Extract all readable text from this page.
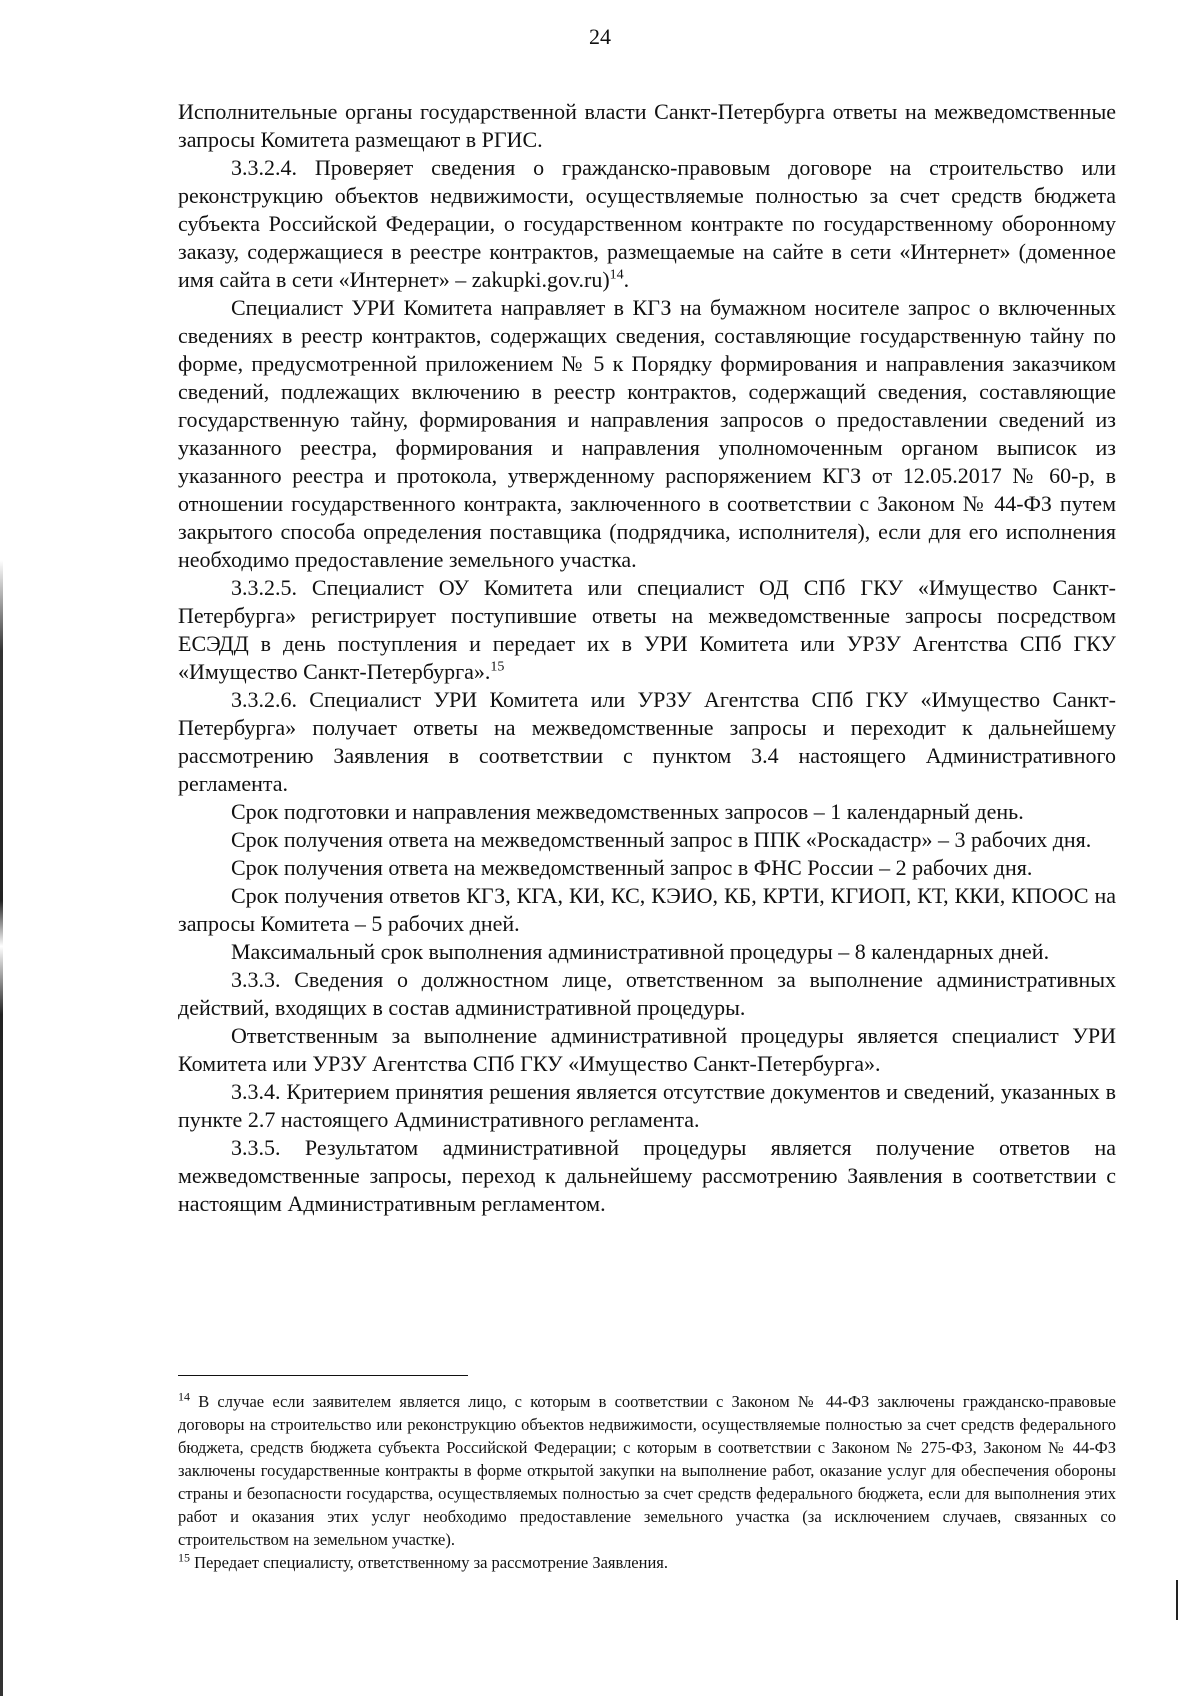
24

Исполнительные органы государственной власти Санкт-Петербурга ответы на межведомственные запросы Комитета размещают в РГИС.

3.3.2.4. Проверяет сведения о гражданско-правовым договоре на строительство или реконструкцию объектов недвижимости, осуществляемые полностью за счет средств бюджета субъекта Российской Федерации, о государственном контракте по государственному оборонному заказу, содержащиеся в реестре контрактов, размещаемые на сайте в сети «Интернет» (доменное имя сайта в сети «Интернет» – zakupki.gov.ru)$^{14}$.

Специалист УРИ Комитета направляет в КГЗ на бумажном носителе запрос о включенных сведениях в реестр контрактов, содержащих сведения, составляющие государственную тайну по форме, предусмотренной приложением № 5 к Порядку формирования и направления заказчиком сведений, подлежащих включению в реестр контрактов, содержащий сведения, составляющие государственную тайну, формирования и направления запросов о предоставлении сведений из указанного реестра, формирования и направления уполномоченным органом выписок из указанного реестра и протокола, утвержденному распоряжением КГЗ от 12.05.2017 № 60-р, в отношении государственного контракта, заключенного в соответствии с Законом № 44-ФЗ путем закрытого способа определения поставщика (подрядчика, исполнителя), если для его исполнения необходимо предоставление земельного участка.

3.3.2.5. Специалист ОУ Комитета или специалист ОД СПб ГКУ «Имущество Санкт-Петербурга» регистрирует поступившие ответы на межведомственные запросы посредством ЕСЭДД в день поступления и передает их в УРИ Комитета или УРЗУ Агентства СПб ГКУ «Имущество Санкт-Петербурга».$^{15}$

3.3.2.6. Специалист УРИ Комитета или УРЗУ Агентства СПб ГКУ «Имущество Санкт-Петербурга» получает ответы на межведомственные запросы и переходит к дальнейшему рассмотрению Заявления в соответствии с пунктом 3.4 настоящего Административного регламента.

Срок подготовки и направления межведомственных запросов – 1 календарный день.

Срок получения ответа на межведомственный запрос в ППК «Роскадастр» – 3 рабочих дня.

Срок получения ответа на межведомственный запрос в ФНС России – 2 рабочих дня.

Срок получения ответов КГЗ, КГА, КИ, КС, КЭИО, КБ, КРТИ, КГИОП, КТ, ККИ, КПООС на запросы Комитета – 5 рабочих дней.

Максимальный срок выполнения административной процедуры – 8 календарных дней.

3.3.3. Сведения о должностном лице, ответственном за выполнение административных действий, входящих в состав административной процедуры.

Ответственным за выполнение административной процедуры является специалист УРИ Комитета или УРЗУ Агентства СПб ГКУ «Имущество Санкт-Петербурга».

3.3.4. Критерием принятия решения является отсутствие документов и сведений, указанных в пункте 2.7 настоящего Административного регламента.

3.3.5. Результатом административной процедуры является получение ответов на межведомственные запросы, переход к дальнейшему рассмотрению Заявления в соответствии с настоящим Административным регламентом.

$^{14}$ В случае если заявителем является лицо, с которым в соответствии с Законом № 44-ФЗ заключены гражданско-правовые договоры на строительство или реконструкцию объектов недвижимости, осуществляемые полностью за счет средств федерального бюджета, средств бюджета субъекта Российской Федерации; с которым в соответствии с Законом № 275-ФЗ, Законом № 44-ФЗ заключены государственные контракты в форме открытой закупки на выполнение работ, оказание услуг для обеспечения обороны страны и безопасности государства, осуществляемых полностью за счет средств федерального бюджета, если для выполнения этих работ и оказания этих услуг необходимо предоставление земельного участка (за исключением случаев, связанных со строительством на земельном участке).

$^{15}$ Передает специалисту, ответственному за рассмотрение Заявления.
